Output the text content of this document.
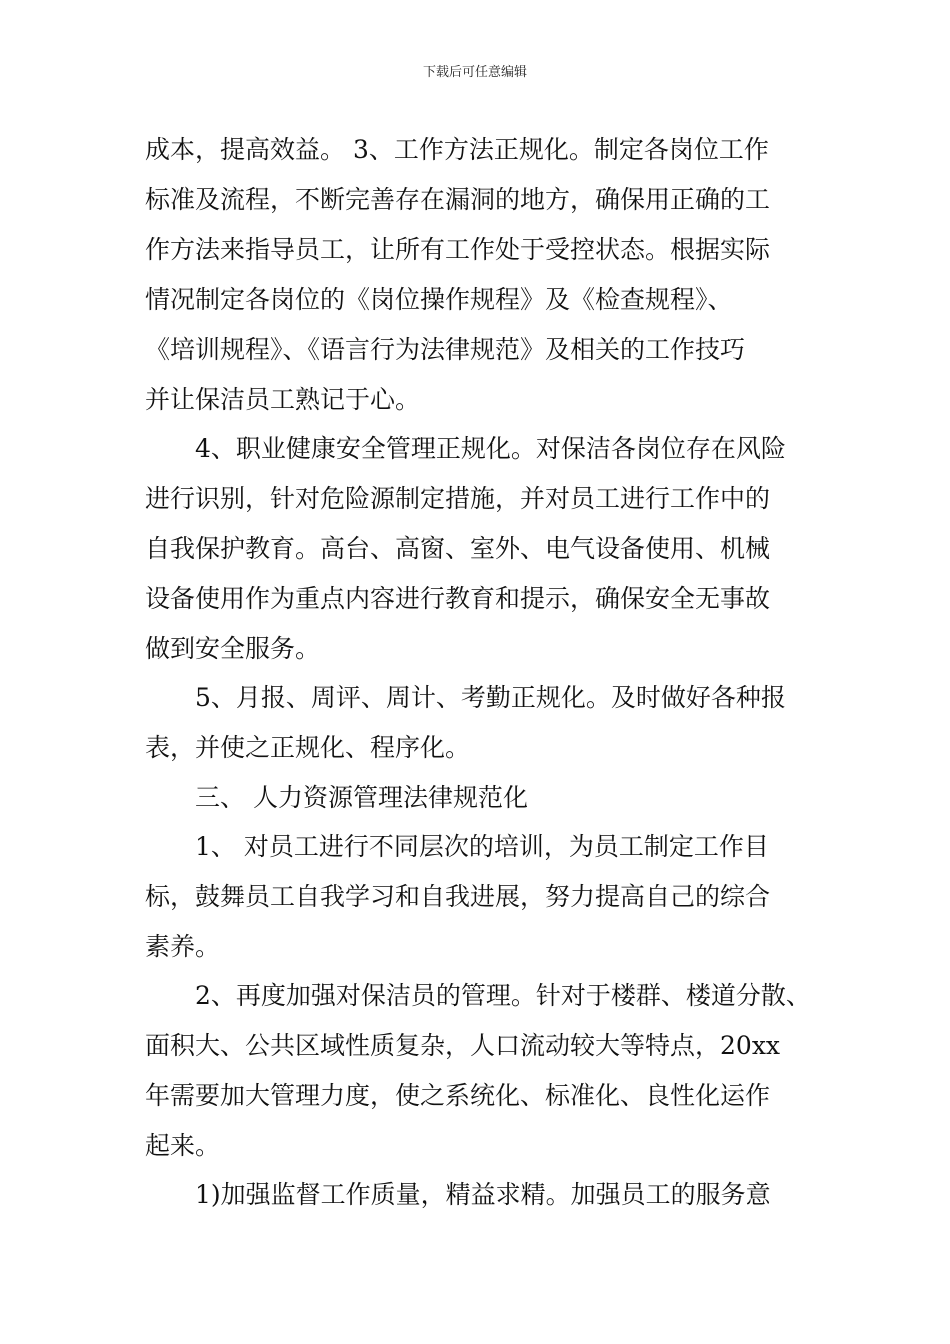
下载后可任意编辑
成本，提高效益。 3、工作方法正规化。制定各岗位工作
标准及流程，不断完善存在漏洞的地方，确保用正确的工
作方法来指导员工，让所有工作处于受控状态。根据实际
情况制定各岗位的《岗位操作规程》及《检查规程》、
《培训规程》、《语言行为法律规范》及相关的工作技巧
并让保洁员工熟记于心。
4、职业健康安全管理正规化。对保洁各岗位存在风险
进行识别，针对危险源制定措施，并对员工进行工作中的
自我保护教育。高台、高窗、室外、电气设备使用、机械
设备使用作为重点内容进行教育和提示，确保安全无事故
做到安全服务。
5、月报、周评、周计、考勤正规化。及时做好各种报
表，并使之正规化、程序化。
三、 人力资源管理法律规范化
1、 对员工进行不同层次的培训，为员工制定工作目
标，鼓舞员工自我学习和自我进展，努力提高自己的综合
素养。
2、再度加强对保洁员的管理。针对于楼群、楼道分散、
面积大、公共区域性质复杂，人口流动较大等特点，20xx
年需要加大管理力度，使之系统化、标准化、良性化运作
起来。
1)加强监督工作质量，精益求精。加强员工的服务意
